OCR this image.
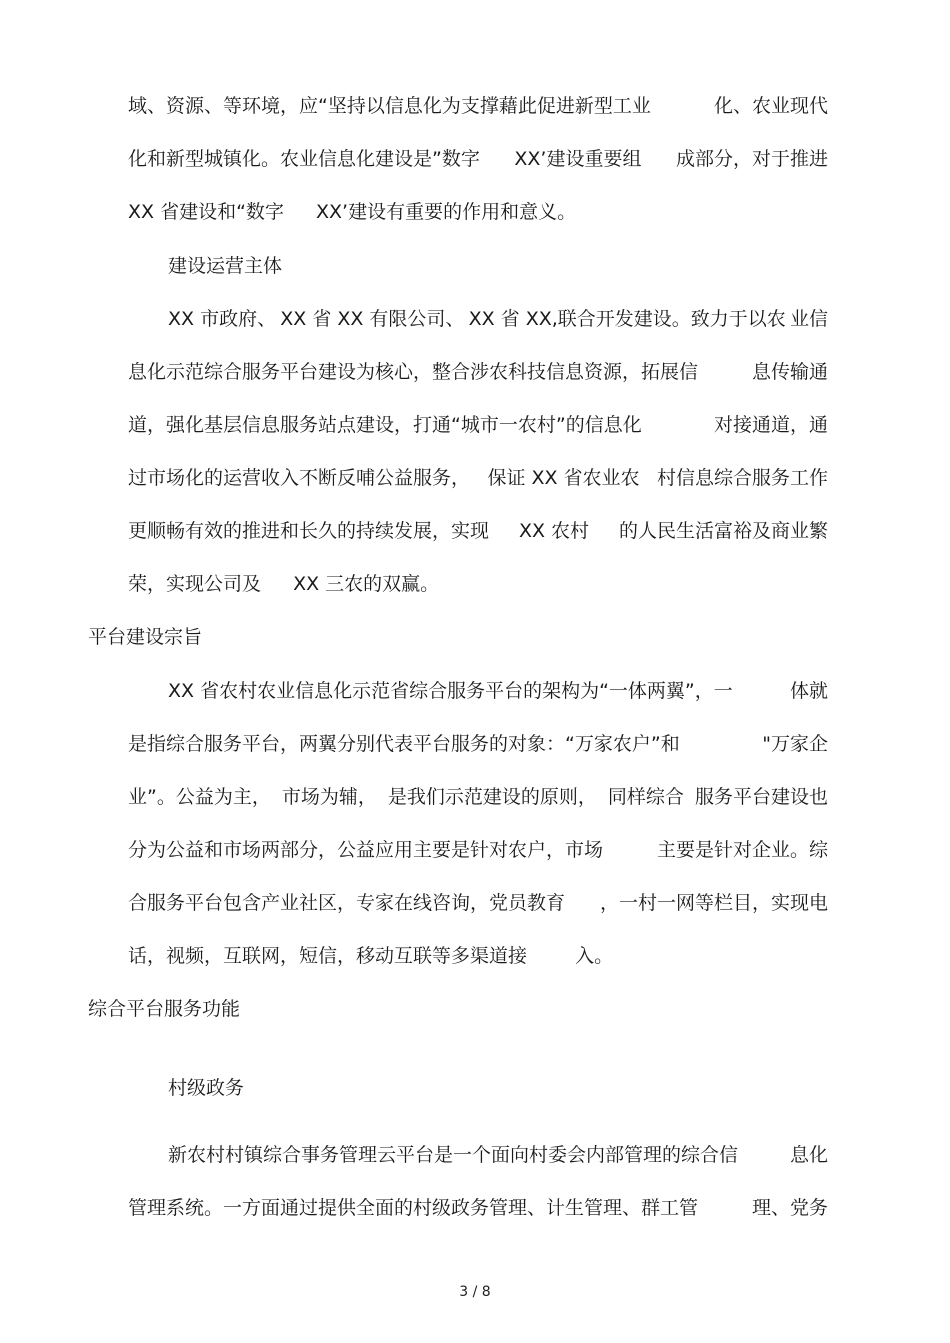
域、资源、等环境，应“坚持以信息化为支撑藉此促进新型工业	化、农业现代
化和新型城镇化。农业信息化建设是”数字 XX’建设重要组 成部分，对于推进
XX 省建设和“数字 XX’建设有重要的作用和意义。
建设运营主体
XX 市政府、 XX 省 XX 有限公司、 XX 省 XX,联合开发建设。致力于以农 业信
息化示范综合服务平台建设为核心，整合涉农科技信息资源，拓展信	息传输通
道，强化基层信息服务站点建设，打通“城市一农村”的信息化	对接通道，通
过市场化的运营收入不断反哺公益服务， 保证 XX 省农业农 村信息综合服务工作
更顺畅有效的推进和长久的持续发展，实现 XX 农村 的人民生活富裕及商业繁
荣，实现公司及 XX 三农的双赢。
平台建设宗旨
XX 省农村农业信息化示范省综合服务平台的架构为“一体两翼”，一	体就
是指综合服务平台，两翼分别代表平台服务的对象：“万家农户”和	"万家企
业”。公益为主， 市场为辅， 是我们示范建设的原则， 同样综合 服务平台建设也
分为公益和市场两部分，公益应用主要是针对农户，市场	主要是针对企业。综
合服务平台包含产业社区，专家在线咨询，党员教育 ，一村一网等栏目，实现电
话，视频，互联网，短信，移动互联等多渠道接	入。
综合平台服务功能
村级政务
新农村村镇综合事务管理云平台是一个面向村委会内部管理的综合信	息化
管理系统。一方面通过提供全面的村级政务管理、计生管理、群工管	理、党务
3 / 8
